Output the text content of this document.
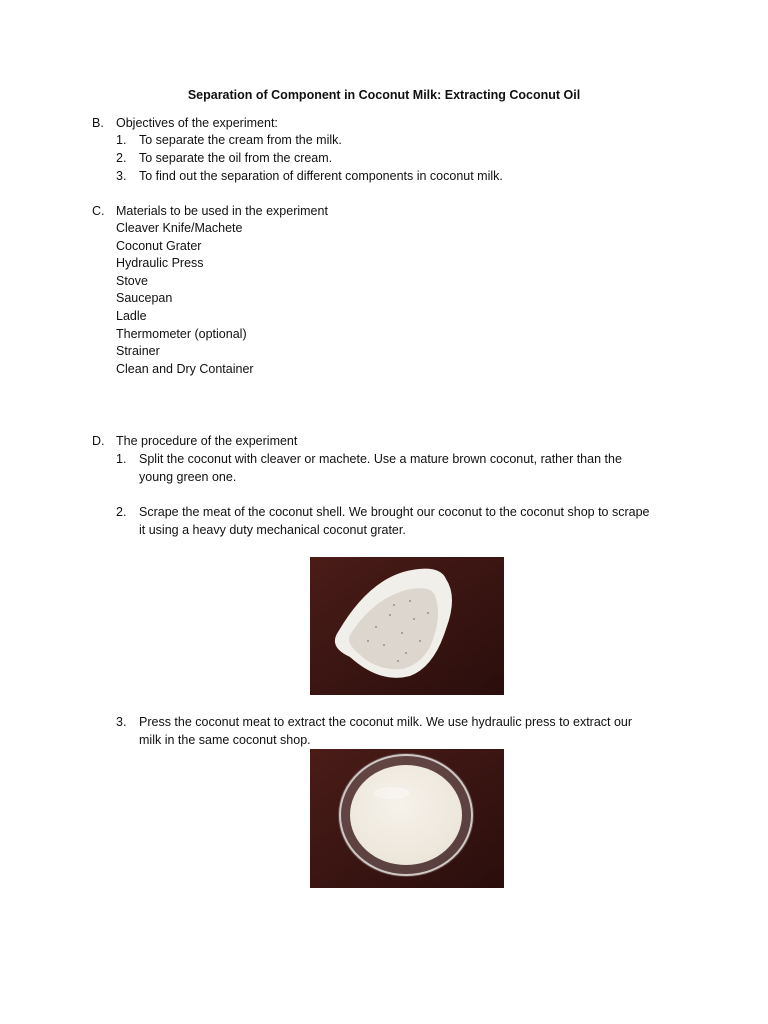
Separation of Component in Coconut Milk: Extracting Coconut Oil
B. Objectives of the experiment:
1. To separate the cream from the milk.
2. To separate the oil from the cream.
3. To find out the separation of different components in coconut milk.
C. Materials to be used in the experiment
Cleaver Knife/Machete
Coconut Grater
Hydraulic Press
Stove
Saucepan
Ladle
Thermometer (optional)
Strainer
Clean and Dry Container
D. The procedure of the experiment
1. Split the coconut with cleaver or machete. Use a mature brown coconut, rather than the
young green one.
2. Scrape the meat of the coconut shell. We brought our coconut to the coconut shop to scrape
it using a heavy duty mechanical coconut grater.
3. Press the coconut meat to extract the coconut milk. We use hydraulic press to extract our
milk in the same coconut shop.
